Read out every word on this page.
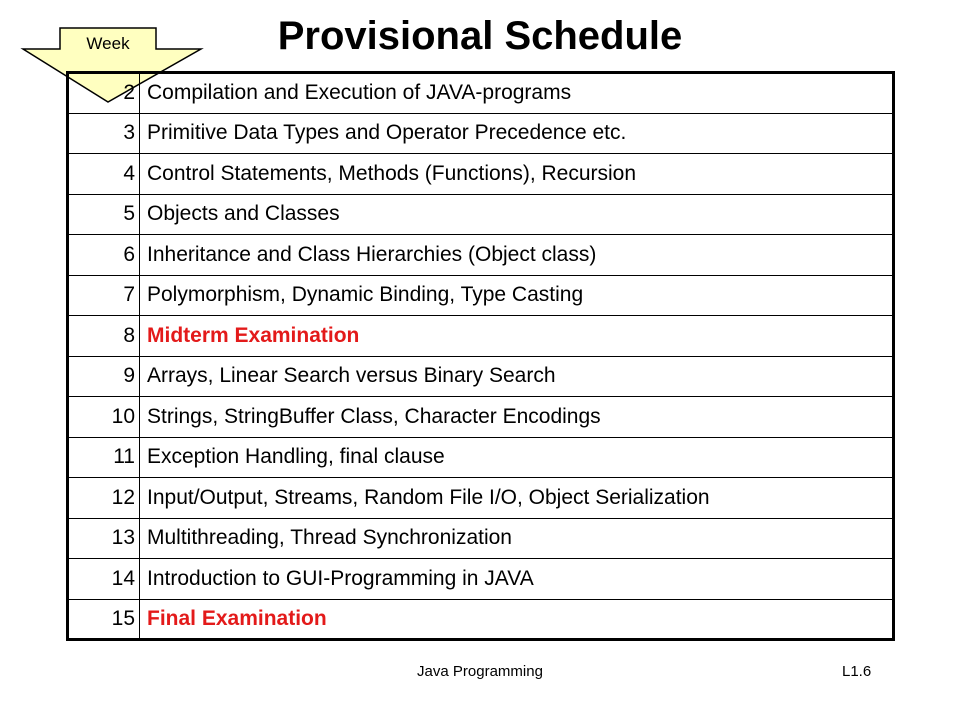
Provisional Schedule
Week
2	Compilation and Execution of JAVA-programs
3	Primitive Data Types and Operator Precedence etc.
4	Control Statements, Methods (Functions), Recursion
5	Objects and Classes
6	Inheritance and Class Hierarchies (Object class)
7	Polymorphism, Dynamic Binding, Type Casting
8	Midterm Examination
9	Arrays, Linear Search versus Binary Search
10	Strings, StringBuffer Class, Character Encodings
11	Exception Handling, final clause
12	Input/Output, Streams, Random File I/O, Object Serialization
13	Multithreading, Thread Synchronization
14	Introduction to GUI-Programming in JAVA
15	Final Examination
Java Programming	L1.6
